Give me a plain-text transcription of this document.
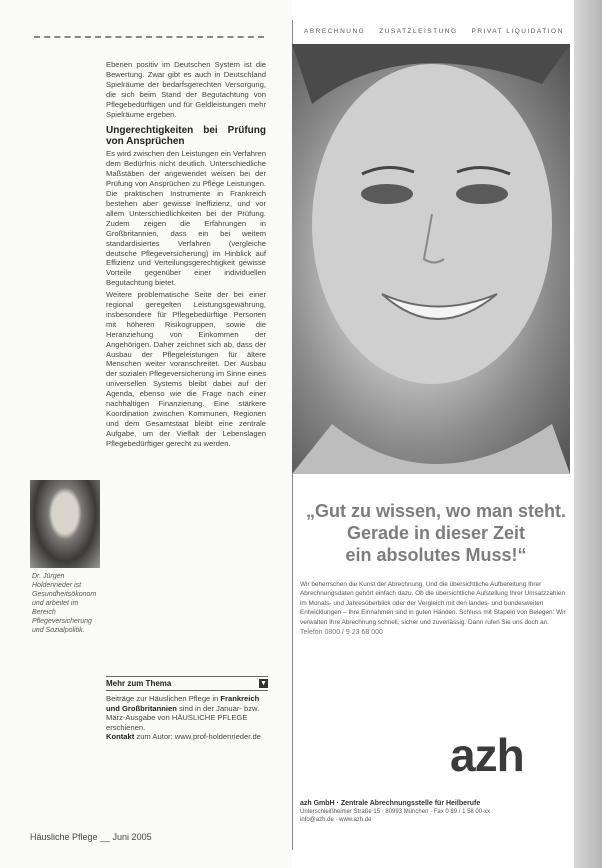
Ebenen positiv im Deutschen System ist die Bewertung. Zwar gibt es auch in Deutschland Spielräume der bedarfsgerechten Versorgung, die sich beim Stand der Begutachtung von Pflegebedürftigen und für Geldleistungen mehr Spielräume ergeben.

Ungerechtigkeiten bei Prüfung von Ansprüchen

Es wird zwischen den Leistungen ein Verfahren dem Bedürfnis nicht deutlich. Unterschiedliche Maßstäben der angewendet weisen bei der Prüfung von Ansprüchen zu Pflege Leistungen. Die praktischen Instrumente in Frankreich bestehen aber gewisse Ineffizienz, und vor allem Unterschiedlichkeiten bei der Prüfung. Zudem zeigen die Erfahrungen in Großbritannien, dass ein bei weitem standardisiertes Verfahren (vergleiche deutsche Pflegeversicherung) im Hinblick auf Effizienz und Verteilungsgerechtigkeit gewisse Vorteile gegenüber einer individuellen Begutachtung bietet.

Weitere problematische Seite der bei einer regional geregelten Leistungsgewährung, insbesondere für Pflegebedürftige Personen mit höheren Risikogruppen, sowie die Heranziehung von Einkommen der Angehörigen. Daher zeichnet sich ab, dass der Ausbau der Pflegeleistungen für ältere Menschen weiter voranschreitet. Der Ausbau der sozialen Pflegeversicherung im Sinne eines universellen Systems bleibt dabei auf der Agenda, ebenso wie die Frage nach einer nachhaltigen Finanzierung. Eine stärkere Koordination zwischen Kommunen, Regionen und dem Gesamtstaat bleibt eine zentrale Aufgabe, um der Vielfalt der Lebenslagen Pflegebedürftiger gerecht zu werden.

Dr. Jürgen Holdenrieder ist Gesundheitsökonom und arbeitet im Bereich Pflegeversicherung und Sozialpolitik.
Mehr zum Thema	▼
Beiträge zur Häuslichen Pflege in Frankreich und Großbritannien sind in der Januar- bzw. März-Ausgabe von HÄUSLICHE PFLEGE erschienen.
Kontakt zum Autor: www.prof-holdenrieder.de
Häusliche Pflege __ Juni 2005
ABRECHNUNG ZUSATZLEISTUNG PRIVAT LIQUIDATION
„Gut zu wissen, wo man steht.
Gerade in dieser Zeit
ein absolutes Muss!“
Wir beherrschen die Kunst der Abrechnung. Und die übersichtliche Aufbereitung Ihrer Abrechnungsdaten gehört einfach dazu. Ob die übersichtliche Aufstellung Ihrer Umsatzzahlen im Monats- und Jahresüberblick oder der Vergleich mit den landes- und bundesweiten Entwicklungen – Ihre Einnahmen sind in guten Händen. Schluss mit Stapeln von Belegen: Wir verwalten Ihre Abrechnung schnell, sicher und zuverlässig. Dann rufen Sie uns doch an.
Telefon 0800 / 9 23 68 000
azh
azh GmbH · Zentrale Abrechnungsstelle für Heilberufe
Unterschleißheimer Straße 15 · 80993 München · Fax 0 89 / 1 58 00-xx
info@azh.de · www.azh.de
